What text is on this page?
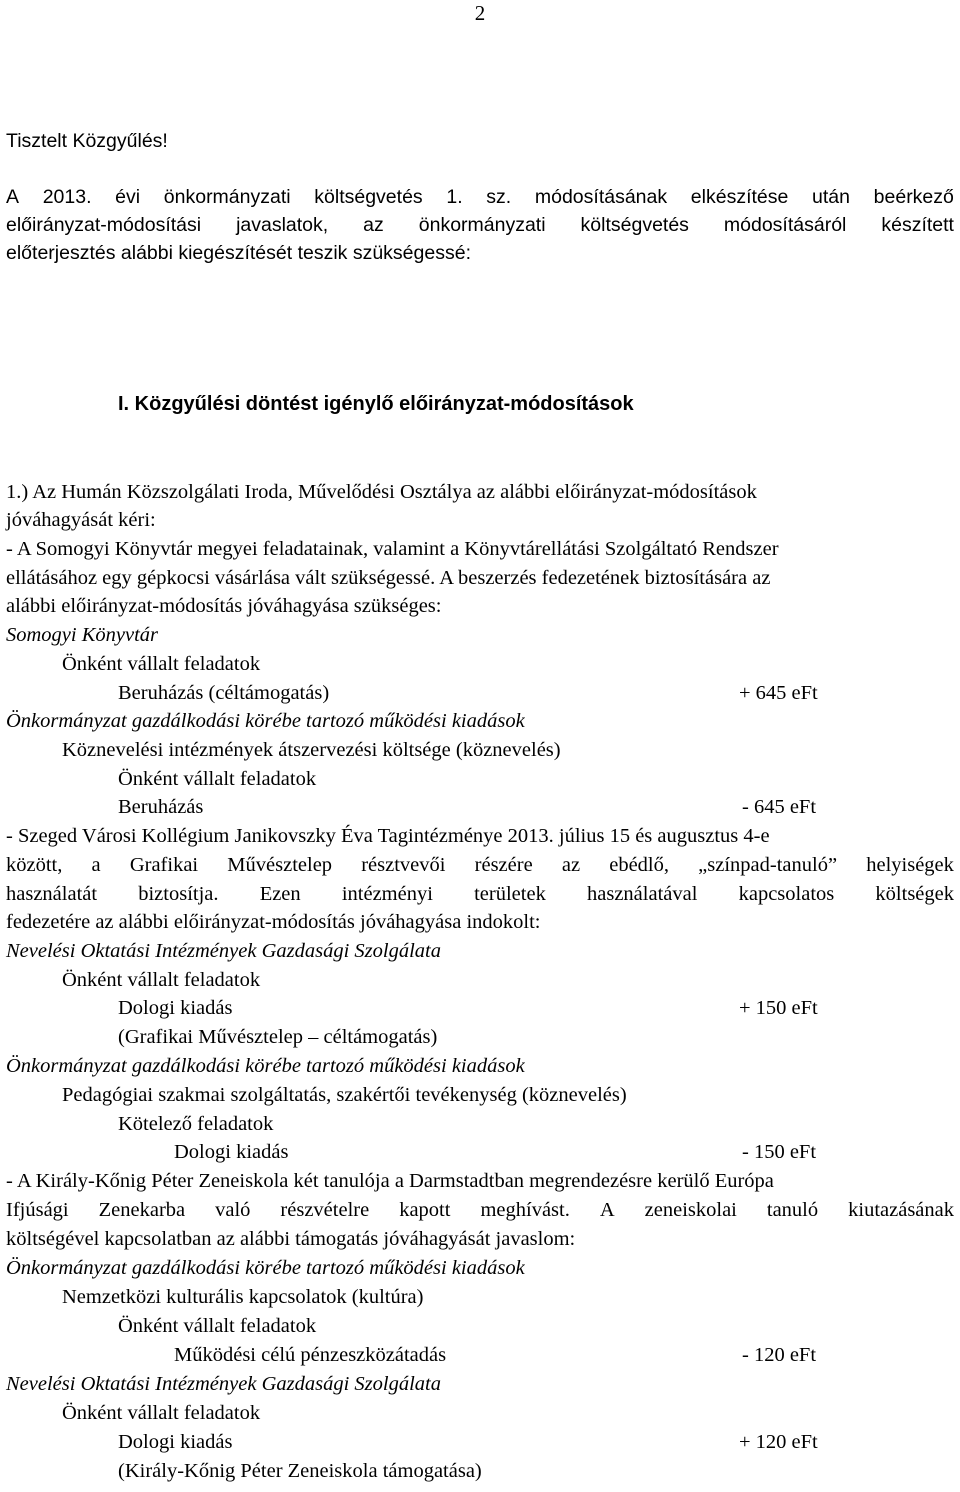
2
Tisztelt Közgyűlés!
A 2013. évi önkormányzati költségvetés 1. sz. módosításának elkészítése után beérkező
előirányzat-módosítási javaslatok, az önkormányzati költségvetés módosításáról készített
előterjesztés alábbi kiegészítését teszik szükségessé:
I. Közgyűlési döntést igénylő előirányzat-módosítások
1.) Az Humán Közszolgálati Iroda, Művelődési Osztálya az alábbi előirányzat-módosítások
jóváhagyását kéri:
- A Somogyi Könyvtár megyei feladatainak, valamint a Könyvtárellátási Szolgáltató Rendszer
ellátásához egy gépkocsi vásárlása vált szükségessé. A beszerzés fedezetének biztosítására az
alábbi előirányzat-módosítás jóváhagyása szükséges:
Somogyi Könyvtár
Önként vállalt feladatok
Beruházás (céltámogatás)	+ 645 eFt
Önkormányzat gazdálkodási körébe tartozó működési kiadások
Köznevelési intézmények átszervezési költsége (köznevelés)
Önként vállalt feladatok
Beruházás	- 645 eFt
- Szeged Városi Kollégium Janikovszky Éva Tagintézménye 2013. július 15 és augusztus 4-e
között, a Grafikai Művésztelep résztvevői részére az ebédlő, „színpad-tanuló” helyiségek
használatát biztosítja. Ezen intézményi területek használatával kapcsolatos költségek
fedezetére az alábbi előirányzat-módosítás jóváhagyása indokolt:
Nevelési Oktatási Intézmények Gazdasági Szolgálata
Önként vállalt feladatok
Dologi kiadás	+ 150 eFt
(Grafikai Művésztelep – céltámogatás)
Önkormányzat gazdálkodási körébe tartozó működési kiadások
Pedagógiai szakmai szolgáltatás, szakértői tevékenység (köznevelés)
Kötelező feladatok
Dologi kiadás	- 150 eFt
- A Király-Kőnig Péter Zeneiskola két tanulója a Darmstadtban megrendezésre kerülő Európa
Ifjúsági Zenekarba való részvételre kapott meghívást. A zeneiskolai tanuló kiutazásának
költségével kapcsolatban az alábbi támogatás jóváhagyását javaslom:
Önkormányzat gazdálkodási körébe tartozó működési kiadások
Nemzetközi kulturális kapcsolatok (kultúra)
Önként vállalt feladatok
Működési célú pénzeszközátadás	- 120 eFt
Nevelési Oktatási Intézmények Gazdasági Szolgálata
Önként vállalt feladatok
Dologi kiadás	+ 120 eFt
(Király-Kőnig Péter Zeneiskola támogatása)
